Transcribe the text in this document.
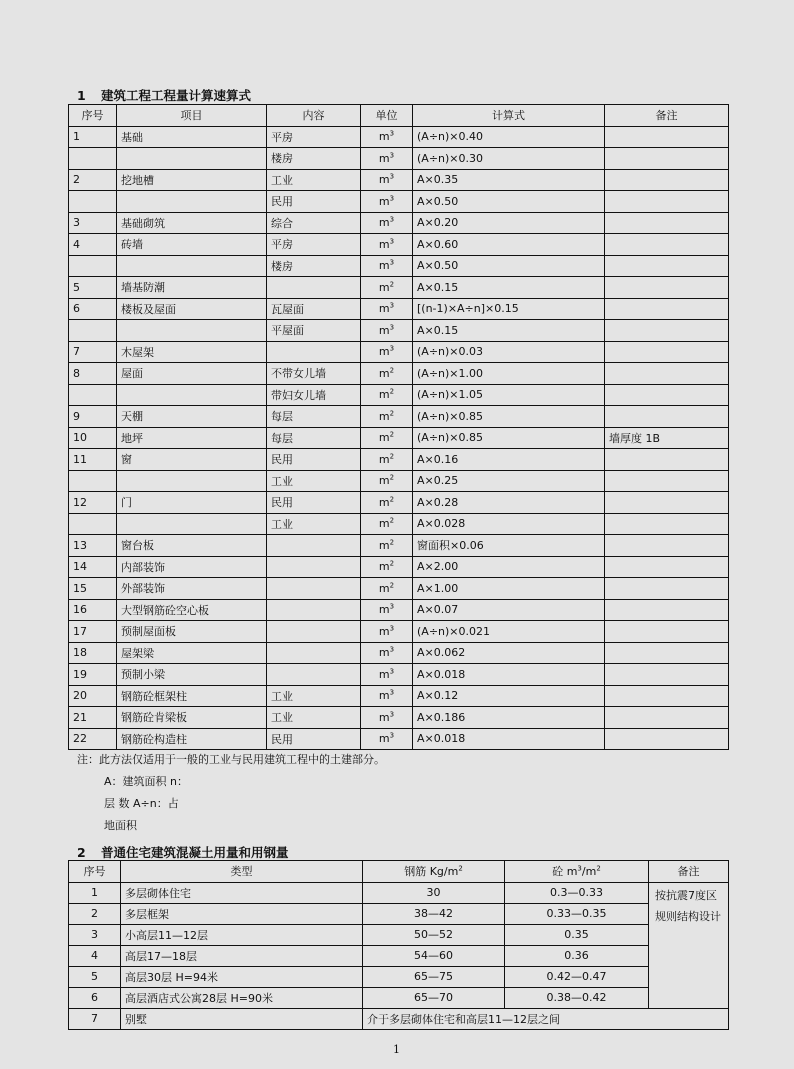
1 建筑工程工程量计算速算式
序号	项目	内容	单位	计算式	备注
1	基础	平房	$m^3$	(A÷n)×0.40	
		楼房	$m^3$	(A÷n)×0.30	
2	挖地槽	工业	$m^3$	A×0.35	
		民用	$m^3$	A×0.50	
3	基础砌筑	综合	$m^3$	A×0.20	
4	砖墙	平房	$m^3$	A×0.60	
		楼房	$m^3$	A×0.50	
5	墙基防潮		$m^2$	A×0.15	
6	楼板及屋面	瓦屋面	$m^3$	[(n-1)×A÷n]×0.15	
		平屋面	$m^3$	A×0.15	
7	木屋架		$m^3$	(A÷n)×0.03	
8	屋面	不带女儿墙	$m^2$	(A÷n)×1.00	
		带妇女儿墙	$m^2$	(A÷n)×1.05	
9	天棚	每层	$m^2$	(A÷n)×0.85	
10	地坪	每层	$m^2$	(A÷n)×0.85	墙厚度 1B
11	窗	民用	$m^2$	A×0.16	
		工业	$m^2$	A×0.25	
12	门	民用	$m^2$	A×0.28	
		工业	$m^2$	A×0.028	
13	窗台板		$m^2$	窗面积×0.06	
14	内部装饰		$m^2$	A×2.00	
15	外部装饰		$m^2$	A×1.00	
16	大型钢筋砼空心板		$m^3$	A×0.07	
17	预制屋面板		$m^3$	(A÷n)×0.021	
18	屋架梁		$m^3$	A×0.062	
19	预制小梁		$m^3$	A×0.018	
20	钢筋砼框架柱	工业	$m^3$	A×0.12	
21	钢筋砼肯梁板	工业	$m^3$	A×0.186	
22	钢筋砼构造柱	民用	$m^3$	A×0.018	
注：此方法仅适用于一般的工业与民用建筑工程中的土建部分。
A：建筑面积 n：
层 数 A÷n：占
地面积
2 普通住宅建筑混凝土用量和用钢量
序号	类型	钢筋 $Kg/m^2$	砼 $m^3/m^2$	备注
1	多层砌体住宅	30	0.3—0.33	按抗震7度区规则结构设计
2	多层框架	38—42	0.33—0.35	
3	小高层11—12层	50—52	0.35	
4	高层17—18层	54—60	0.36	
5	高层30层 H=94米	65—75	0.42—0.47	
6	高层酒店式公寓28层 H=90米	65—70	0.38—0.42	
7	别墅	介于多层砌体住宅和高层11—12层之间		
1
